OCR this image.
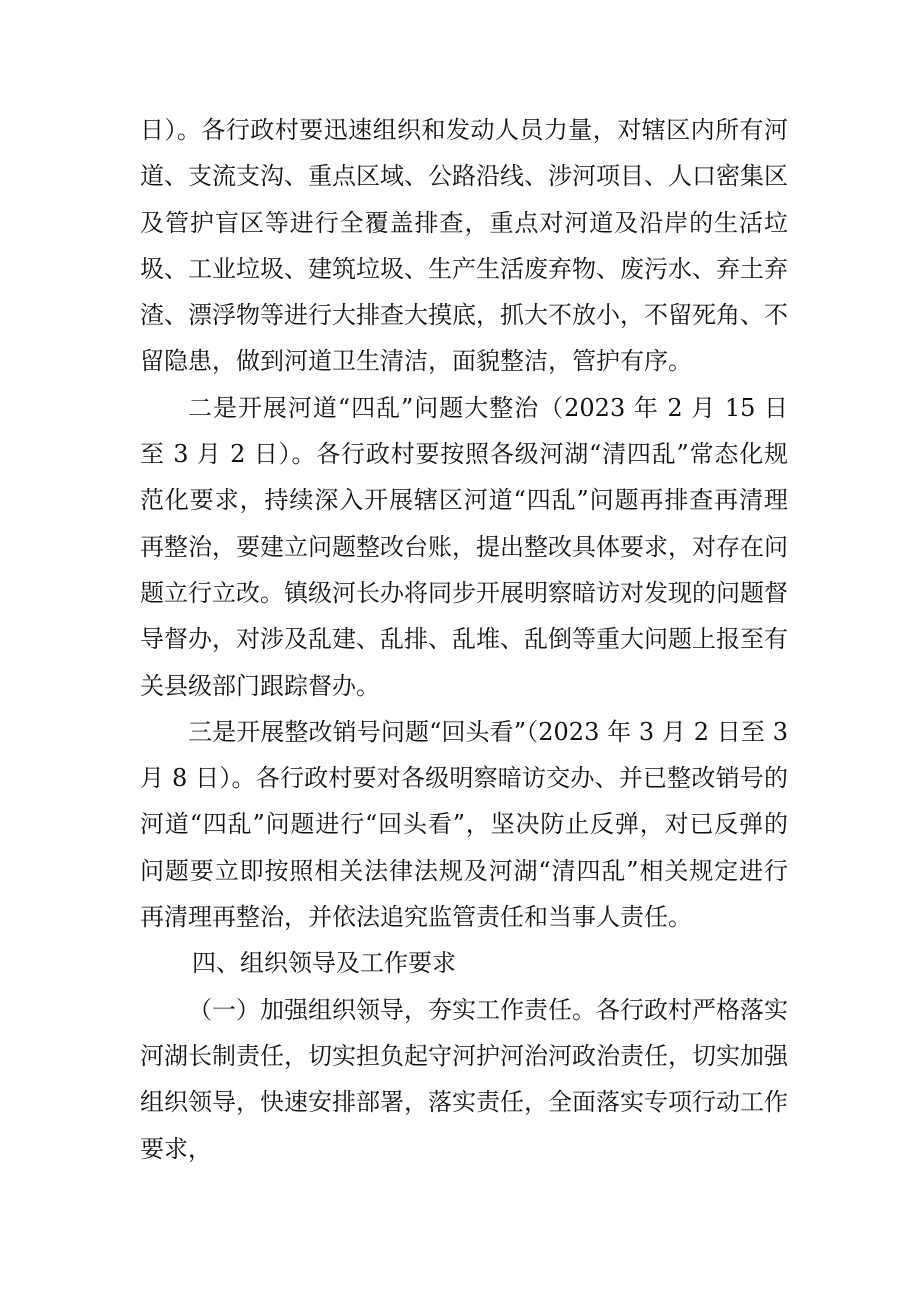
日）。各行政村要迅速组织和发动人员力量，对辖区内所有河道、支流支沟、重点区域、公路沿线、涉河项目、人口密集区及管护盲区等进行全覆盖排查，重点对河道及沿岸的生活垃圾、工业垃圾、建筑垃圾、生产生活废弃物、废污水、弃土弃渣、漂浮物等进行大排查大摸底，抓大不放小，不留死角、不留隐患，做到河道卫生清洁，面貌整洁，管护有序。

二是开展河道“四乱”问题大整治（2023 年 2 月 15 日至 3 月 2 日）。各行政村要按照各级河湖“清四乱”常态化规范化要求，持续深入开展辖区河道“四乱”问题再排查再清理再整治，要建立问题整改台账，提出整改具体要求，对存在问题立行立改。镇级河长办将同步开展明察暗访对发现的问题督导督办，对涉及乱建、乱排、乱堆、乱倒等重大问题上报至有关县级部门跟踪督办。

三是开展整改销号问题“回头看”（2023 年 3 月 2 日至 3 月 8 日）。各行政村要对各级明察暗访交办、并已整改销号的河道“四乱”问题进行“回头看”，坚决防止反弹，对已反弹的问题要立即按照相关法律法规及河湖“清四乱”相关规定进行再清理再整治，并依法追究监管责任和当事人责任。

四、组织领导及工作要求

（一）加强组织领导，夯实工作责任。各行政村严格落实河湖长制责任，切实担负起守河护河治河政治责任，切实加强组织领导，快速安排部署，落实责任，全面落实专项行动工作要求，
